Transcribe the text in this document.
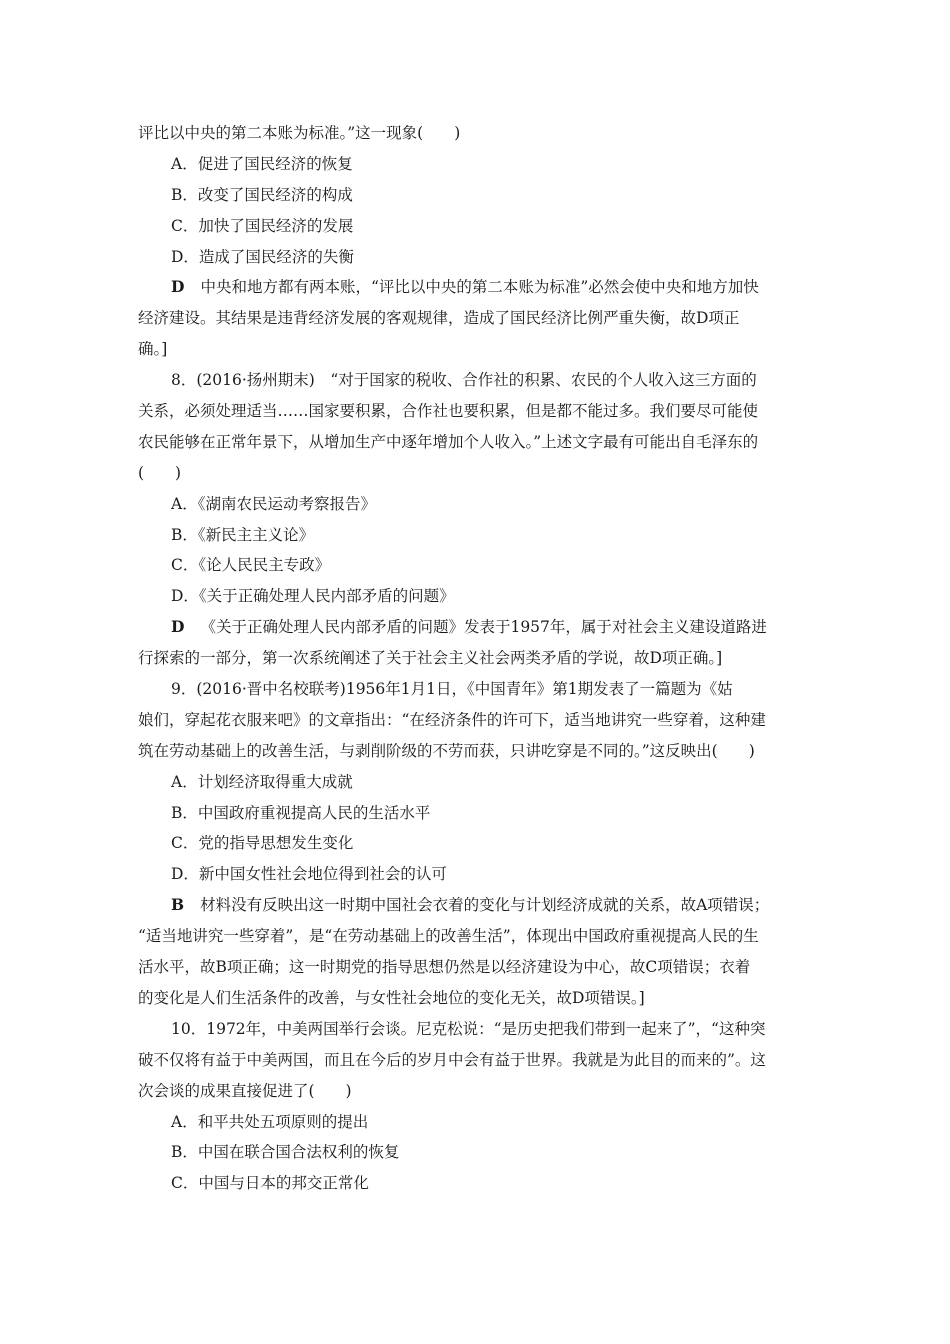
评比以中央的第二本账为标准。”这一现象(　　)
A．促进了国民经济的恢复
B．改变了国民经济的构成
C．加快了国民经济的发展
D．造成了国民经济的失衡
D 中央和地方都有两本账，“评比以中央的第二本账为标准”必然会使中央和地方加快
经济建设。其结果是违背经济发展的客观规律，造成了国民经济比例严重失衡，故D项正
确。]
8．(2016·扬州期末)　“对于国家的税收、合作社的积累、农民的个人收入这三方面的
关系，必须处理适当……国家要积累，合作社也要积累，但是都不能过多。我们要尽可能使
农民能够在正常年景下，从增加生产中逐年增加个人收入。”上述文字最有可能出自毛泽东的
(　　)
A．《湖南农民运动考察报告》
B．《新民主主义论》
C．《论人民民主专政》
D．《关于正确处理人民内部矛盾的问题》
D 《关于正确处理人民内部矛盾的问题》发表于1957年，属于对社会主义建设道路进
行探索的一部分，第一次系统阐述了关于社会主义社会两类矛盾的学说，故D项正确。]
9．(2016·晋中名校联考)1956年1月1日，《中国青年》第1期发表了一篇题为《姑
娘们，穿起花衣服来吧》的文章指出：“在经济条件的许可下，适当地讲究一些穿着，这种建
筑在劳动基础上的改善生活，与剥削阶级的不劳而获，只讲吃穿是不同的。”这反映出(　　)
A．计划经济取得重大成就
B．中国政府重视提高人民的生活水平
C．党的指导思想发生变化
D．新中国女性社会地位得到社会的认可
B 材料没有反映出这一时期中国社会衣着的变化与计划经济成就的关系，故A项错误；
“适当地讲究一些穿着”，是“在劳动基础上的改善生活”，体现出中国政府重视提高人民的生
活水平，故B项正确；这一时期党的指导思想仍然是以经济建设为中心，故C项错误；衣着
的变化是人们生活条件的改善，与女性社会地位的变化无关，故D项错误。]
10．1972年，中美两国举行会谈。尼克松说：“是历史把我们带到一起来了”，“这种突
破不仅将有益于中美两国，而且在今后的岁月中会有益于世界。我就是为此目的而来的”。这
次会谈的成果直接促进了(　　)
A．和平共处五项原则的提出
B．中国在联合国合法权利的恢复
C．中国与日本的邦交正常化
